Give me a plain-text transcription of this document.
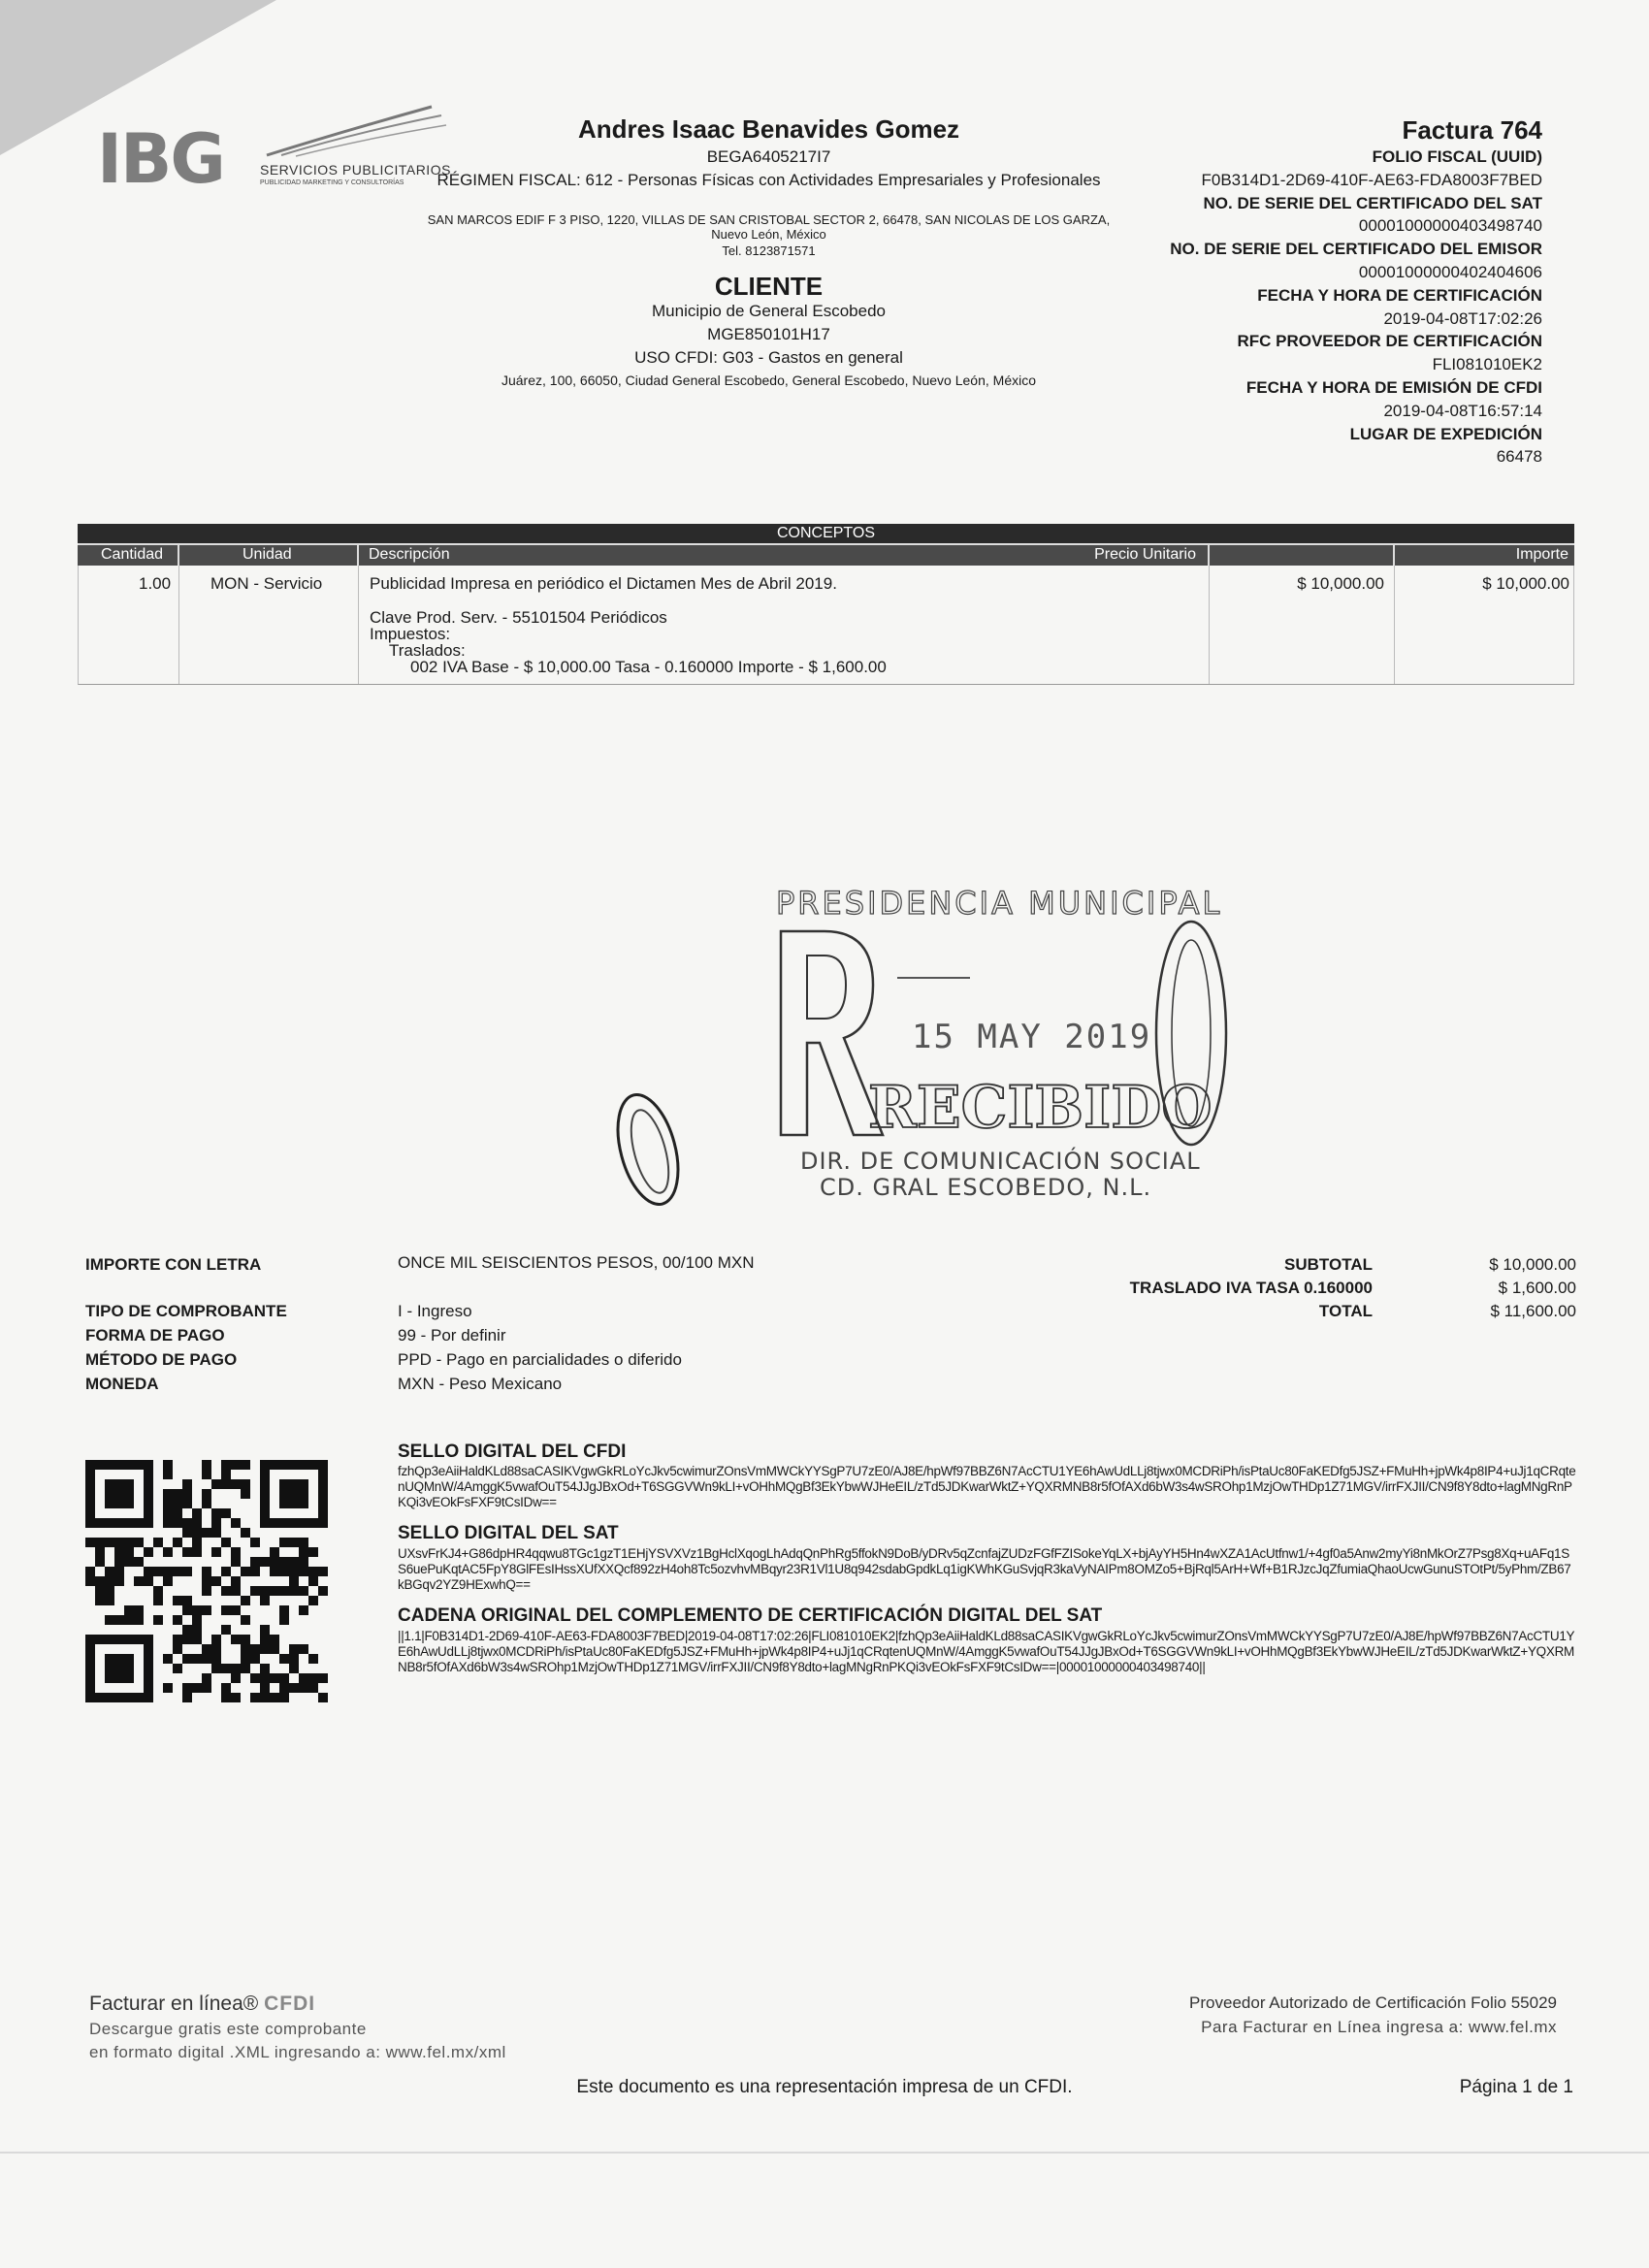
IBG	SERVICIOS PUBLICITARIOS
PUBLICIDAD MARKETING Y CONSULTORÍAS
Andres Isaac Benavides Gomez
BEGA6405217I7
RÉGIMEN FISCAL: 612 - Personas Físicas con Actividades Empresariales y Profesionales
SAN MARCOS EDIF F 3 PISO, 1220, VILLAS DE SAN CRISTOBAL SECTOR 2, 66478, SAN NICOLAS DE LOS GARZA, Nuevo León, México
Tel. 8123871571
CLIENTE
Municipio de General Escobedo
MGE850101H17
USO CFDI: G03 - Gastos en general
Juárez, 100, 66050, Ciudad General Escobedo, General Escobedo, Nuevo León, México
Factura 764
FOLIO FISCAL (UUID)
F0B314D1-2D69-410F-AE63-FDA8003F7BED
NO. DE SERIE DEL CERTIFICADO DEL SAT
00001000000403498740
NO. DE SERIE DEL CERTIFICADO DEL EMISOR
00001000000402404606
FECHA Y HORA DE CERTIFICACIÓN
2019-04-08T17:02:26
RFC PROVEEDOR DE CERTIFICACIÓN
FLI081010EK2
FECHA Y HORA DE EMISIÓN DE CFDI
2019-04-08T16:57:14
LUGAR DE EXPEDICIÓN
66478
CONCEPTOS
Cantidad	Unidad	Descripción	Precio Unitario	Importe
1.00 MON - Servicio	Publicidad Impresa en periódico el Dictamen Mes de Abril 2019.
Clave Prod. Serv. - 55101504 Periódicos
Impuestos:
Traslados:
002 IVA Base - $ 10,000.00 Tasa - 0.160000 Importe - $ 1,600.00
$ 10,000.00	$ 10,000.00
PRESIDENCIA MUNICIPAL
15 MAY 2019
RECIBIDO
DIR. DE COMUNICACIÓN SOCIAL
CD. GRAL ESCOBEDO, N.L.
IMPORTE CON LETRA	ONCE MIL SEISCIENTOS PESOS, 00/100 MXN
TIPO DE COMPROBANTE	I - Ingreso
FORMA DE PAGO	99 - Por definir
MÉTODO DE PAGO	PPD - Pago en parcialidades o diferido
MONEDA	MXN - Peso Mexicano
SUBTOTAL	$ 10,000.00
TRASLADO IVA TASA 0.160000	$ 1,600.00
TOTAL	$ 11,600.00
SELLO DIGITAL DEL CFDI
fzhQp3eAiiHaldKLd88saCASIKVgwGkRLoYcJkv5cwimurZOnsVmMWCkYYSgP7U7zE0/AJ8E/hpWf97BBZ6N7AcCTU1YE6hAwUdLLj8tjwx0MCDRiPh/isPtaUc80FaKEDfg5JSZ+FMuHh+jpWk4p8IP4+uJj1qCRqtenUQMnW/4AmggK5vwafOuT54JJgJBxOd+T6SGGVWn9kLI+vOHhMQgBf3EkYbwWJHeEIL/zTd5JDKwarWktZ+YQXRMNB8r5fOfAXd6bW3s4wSROhp1MzjOwTHDp1Z71MGV/irrFXJII/CN9f8Y8dto+lagMNgRnPKQi3vEOkFsFXF9tCsIDw==
SELLO DIGITAL DEL SAT
UXsvFrKJ4+G86dpHR4qqwu8TGc1gzT1EHjYSVXVz1BgHclXqogLhAdqQnPhRg5ffokN9DoB/yDRv5qZcnfajZUDzFGfFZISokeYqLX+bjAyYH5Hn4wXZA1AcUtfnw1/+4gf0a5Anw2myYi8nMkOrZ7Psg8Xq+uAFq1SS6uePuKqtAC5FpY8GlFEsIHssXUfXXQcf892zH4oh8Tc5ozvhvMBqyr23R1Vl1U8q942sdabGpdkLq1igKWhKGuSvjqR3kaVyNAIPm8OMZo5+BjRql5ArH+Wf+B1RJzcJqZfumiaQhaoUcwGunuSTOtPt/5yPhm/ZB67kBGqv2YZ9HExwhQ==
CADENA ORIGINAL DEL COMPLEMENTO DE CERTIFICACIÓN DIGITAL DEL SAT
||1.1|F0B314D1-2D69-410F-AE63-FDA8003F7BED|2019-04-08T17:02:26|FLI081010EK2|fzhQp3eAiiHaldKLd88saCASIKVgwGkRLoYcJkv5cwimurZOnsVmMWCkYYSgP7U7zE0/AJ8E/hpWf97BBZ6N7AcCTU1YE6hAwUdLLj8tjwx0MCDRiPh/isPtaUc80FaKEDfg5JSZ+FMuHh+jpWk4p8IP4+uJj1qCRqtenUQMnW/4AmggK5vwafOuT54JJgJBxOd+T6SGGVWn9kLI+vOHhMQgBf3EkYbwWJHeEIL/zTd5JDKwarWktZ+YQXRMNB8r5fOfAXd6bW3s4wSROhp1MzjOwTHDp1Z71MGV/irrFXJII/CN9f8Y8dto+lagMNgRnPKQi3vEOkFsFXF9tCsIDw==|00001000000403498740||
Facturar en línea® CFDI
Descargue gratis este comprobante
en formato digital .XML ingresando a: www.fel.mx/xml
Proveedor Autorizado de Certificación Folio 55029
Para Facturar en Línea ingresa a: www.fel.mx
Este documento es una representación impresa de un CFDI.	Página 1 de 1
